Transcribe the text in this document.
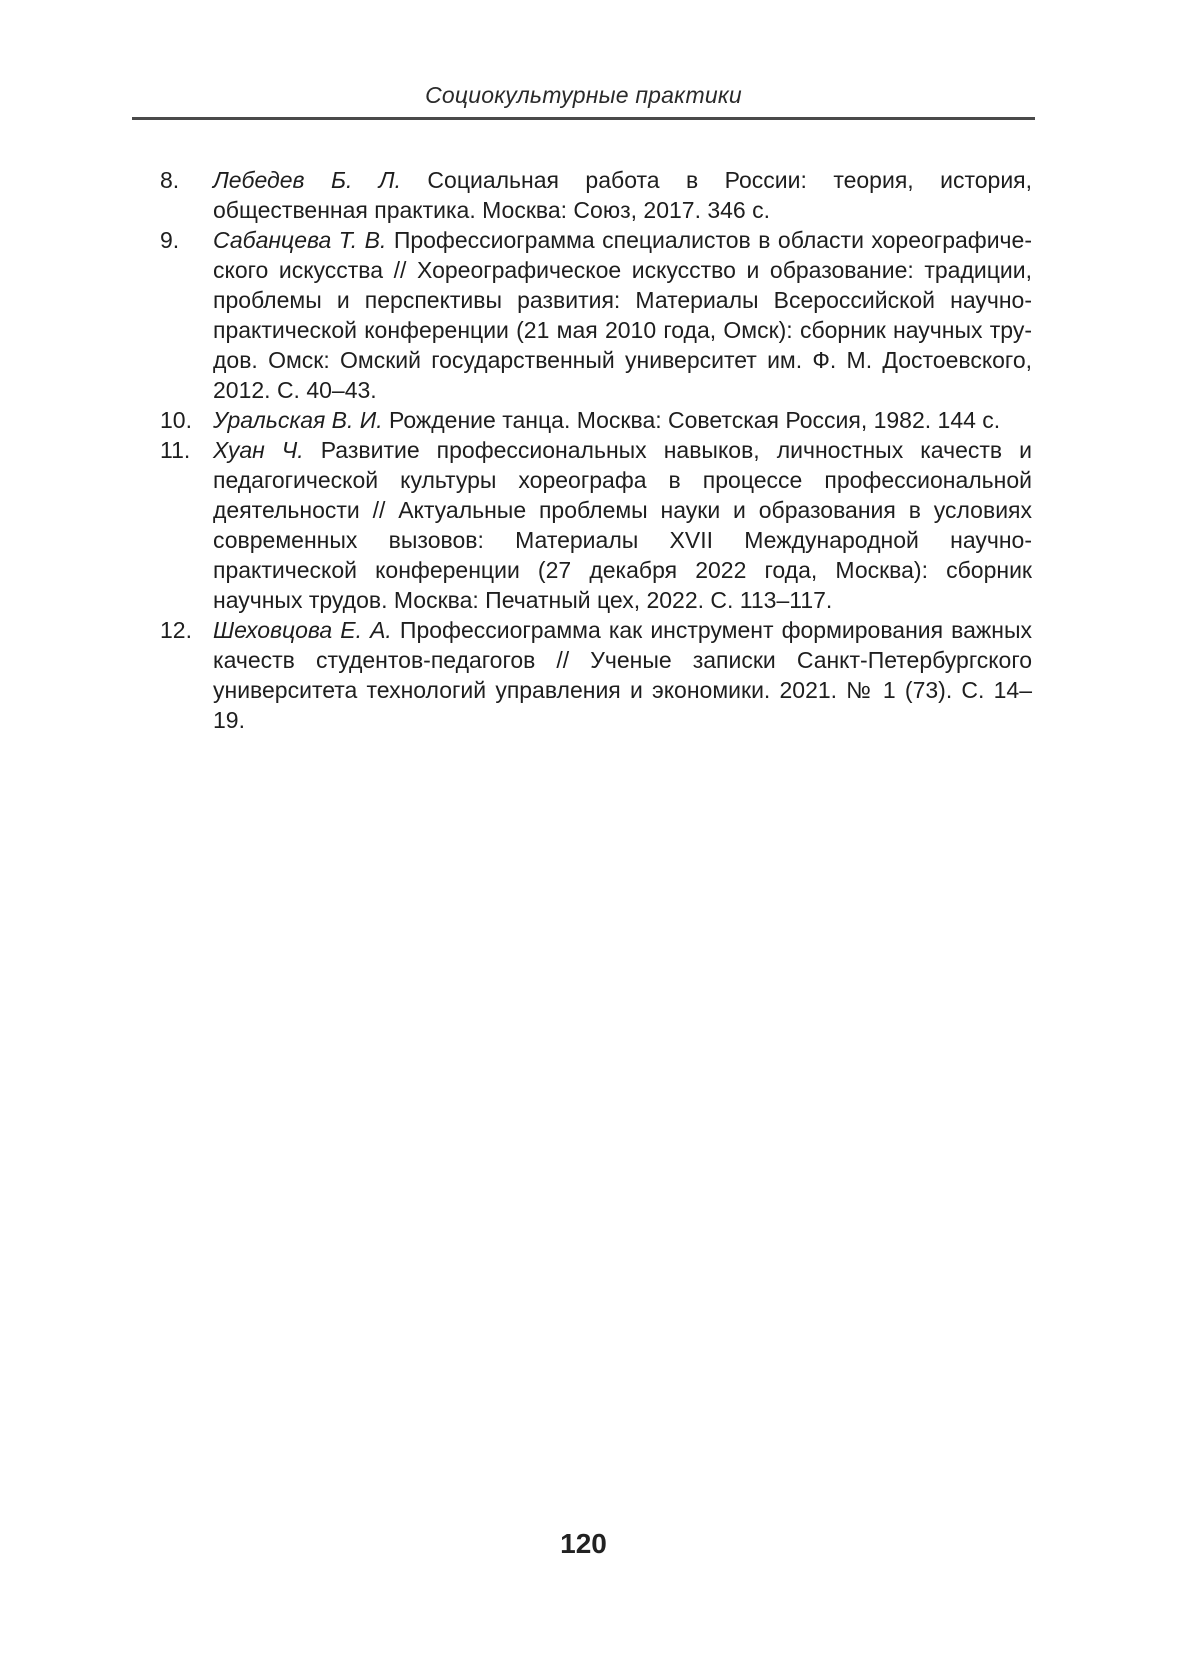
Социокультурные практики
8. Лебедев Б. Л. Социальная работа в России: теория, история, общественная практика. Москва: Союз, 2017. 346 с.
9. Сабанцева Т. В. Профессиограмма специалистов в области хореографического искусства // Хореографическое искусство и образование: традиции, проблемы и перспективы развития: Материалы Всероссийской научно-практической конференции (21 мая 2010 года, Омск): сборник научных трудов. Омск: Омский государственный университет им. Ф. М. Достоевского, 2012. С. 40–43.
10. Уральская В. И. Рождение танца. Москва: Советская Россия, 1982. 144 с.
11. Хуан Ч. Развитие профессиональных навыков, личностных качеств и педагогической культуры хореографа в процессе профессиональной деятельности // Актуальные проблемы науки и образования в условиях современных вызовов: Материалы XVII Международной научно-практической конференции (27 декабря 2022 года, Москва): сборник научных трудов. Москва: Печатный цех, 2022. С. 113–117.
12. Шеховцова Е. А. Профессиограмма как инструмент формирования важных качеств студентов-педагогов // Ученые записки Санкт-Петербургского университета технологий управления и экономики. 2021. № 1 (73). С. 14–19.
120
